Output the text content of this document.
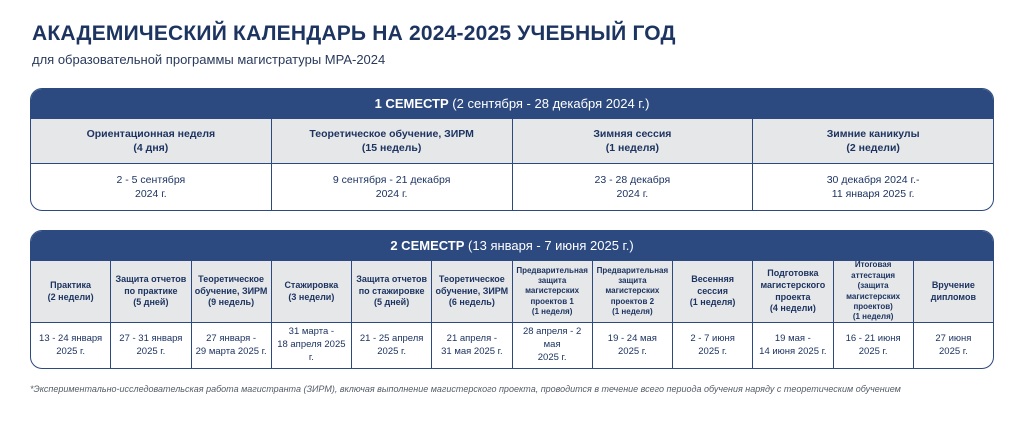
АКАДЕМИЧЕСКИЙ КАЛЕНДАРЬ НА 2024-2025 УЧЕБНЫЙ ГОД
для образовательной программы магистратуры MPA-2024
1 СЕМЕСТР (2 сентября - 28 декабря 2024 г.)
Ориентационная неделя
(4 дня)
Теоретическое обучение, ЗИРМ
(15 недель)
Зимняя сессия
(1 неделя)
Зимние каникулы
(2 недели)
2 - 5 сентября
2024 г.
9 сентября - 21 декабря
2024 г.
23 - 28 декабря
2024 г.
30 декабря 2024 г.-
11 января 2025 г.
2 СЕМЕСТР (13 января - 7 июня 2025 г.)
Практика
(2 недели)
Защита отчетов
по практике
(5 дней)
Теоретическое
обучение, ЗИРМ
(9 недель)
Стажировка
(3 недели)
Защита отчетов
по стажировке
(5 дней)
Теоретическое
обучение, ЗИРМ
(6 недель)
Предварительная
защита
магистерских
проектов 1
(1 неделя)
Предварительная
защита
магистерских
проектов 2
(1 неделя)
Весенняя
сессия
(1 неделя)
Подготовка
магистерского
проекта
(4 недели)
Итоговая
аттестация (защита
магистерских
проектов)
(1 неделя)
Вручение
дипломов
13 - 24 января
2025 г.
27 - 31 января
2025 г.
27 января -
29 марта 2025 г.
31 марта -
18 апреля 2025 г.
21 - 25 апреля
2025 г.
21 апреля -
31 мая 2025 г.
28 апреля - 2 мая
2025 г.
19 - 24 мая
2025 г.
2 - 7 июня
2025 г.
19 мая -
14 июня 2025 г.
16 - 21 июня
2025 г.
27 июня
2025 г.
*Экспериментально-исследовательская работа магистранта (ЗИРМ), включая выполнение магистерского проекта, проводится в течение всего периода обучения наряду с теоретическим обучением
